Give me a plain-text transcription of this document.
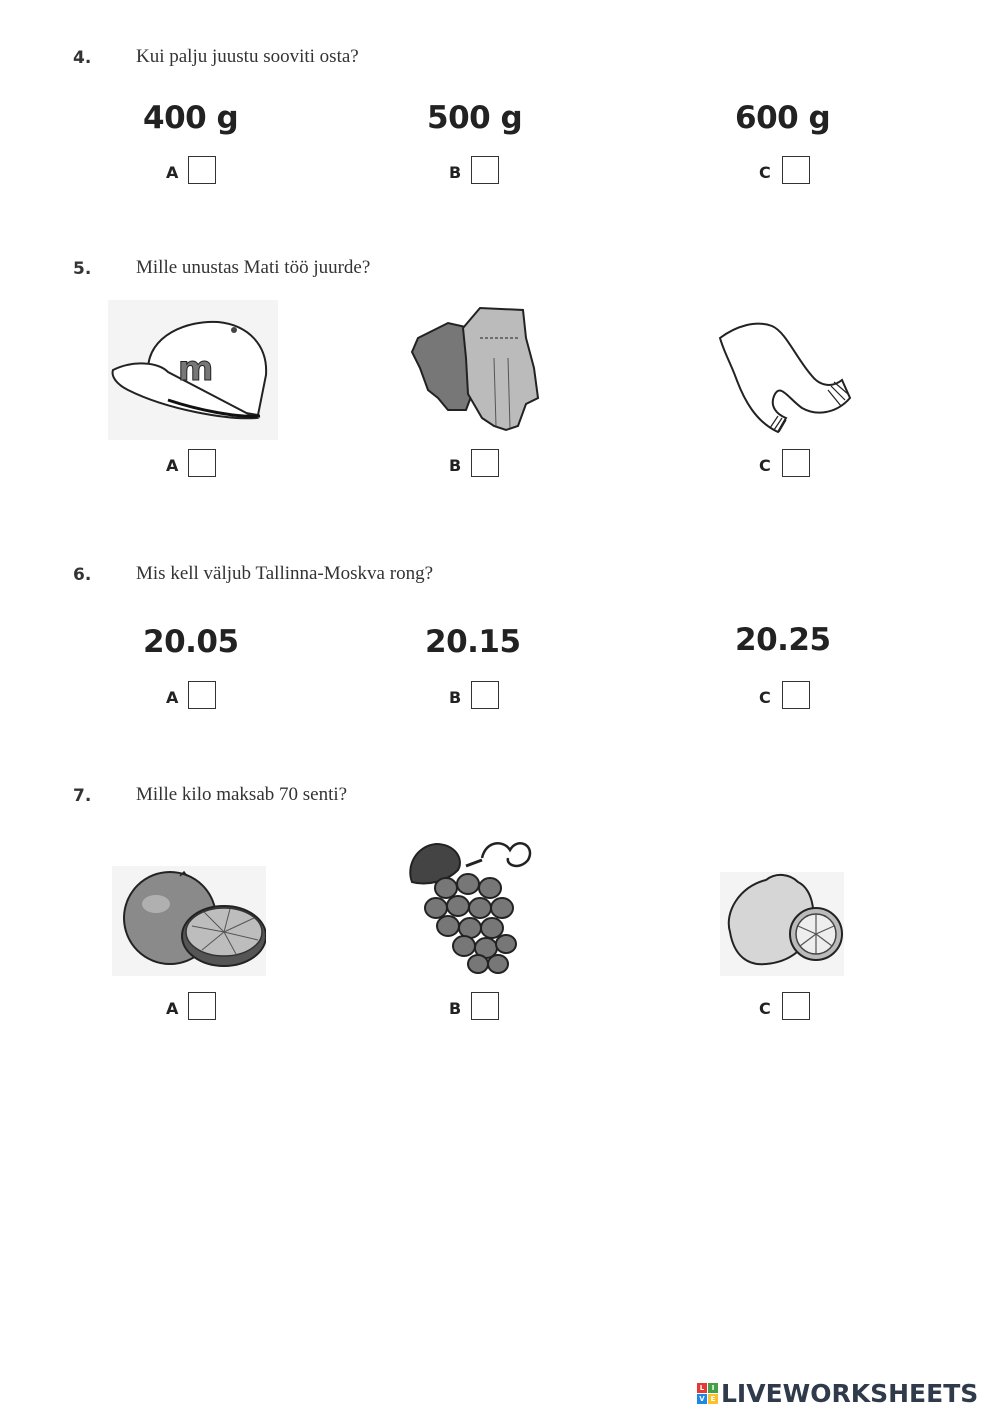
4. Kui palju juustu sooviti osta?
400 g
A
500 g
B
600 g
C
5. Mille unustas Mati töö juurde?
m
A	B	C
6. Mis kell väljub Tallinna-Moskva rong?
20.05
A
20.15
B
20.25
C
7. Mille kilo maksab 70 senti?
A	B	C
L	I
V E LIVEWORKSHEETS
